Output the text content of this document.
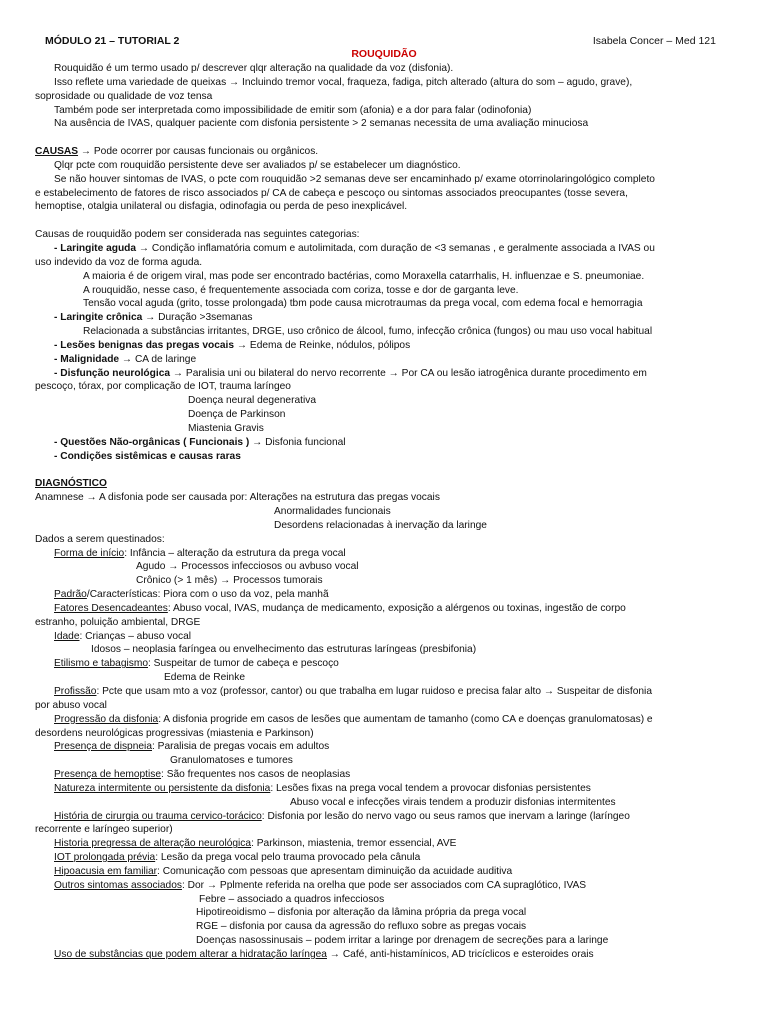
MÓDULO 21 – TUTORIAL 2	Isabela Concer – Med 121
ROUQUIDÃO
Rouquidão é um termo usado p/ descrever qlqr alteração na qualidade da voz (disfonia).
Isso reflete uma variedade de queixas → Incluindo tremor vocal, fraqueza, fadiga, pitch alterado (altura do som – agudo, grave),
soprosidade ou qualidade de voz tensa
Também pode ser interpretada como impossibilidade de emitir som (afonia) e a dor para falar (odinofonia)
Na ausência de IVAS, qualquer paciente com disfonia persistente > 2 semanas necessita de uma avaliação minuciosa
CAUSAS → Pode ocorrer por causas funcionais ou orgânicos.
Qlqr pcte com rouquidão persistente deve ser avaliados p/ se estabelecer um diagnóstico.
Se não houver sintomas de IVAS, o pcte com rouquidão >2 semanas deve ser encaminhado p/ exame otorrinolaringológico completo
e estabelecimento de fatores de risco associados p/ CA de cabeça e pescoço ou sintomas associados preocupantes (tosse severa,
hemoptise, otalgia unilateral ou disfagia, odinofagia ou perda de peso inexplicável.
Causas de rouquidão podem ser considerada nas seguintes categorias:
- Laringite aguda → Condição inflamatória comum e autolimitada, com duração de <3 semanas , e geralmente associada a IVAS ou
uso indevido da voz de forma aguda.
A maioria é de origem viral, mas pode ser encontrado bactérias, como Moraxella catarrhalis, H. influenzae e S. pneumoniae.
A rouquidão, nesse caso, é frequentemente associada com coriza, tosse e dor de garganta leve.
Tensão vocal aguda (grito, tosse prolongada) tbm pode causa microtraumas da prega vocal, com edema focal e hemorragia
- Laringite crônica → Duração >3semanas
Relacionada a substâncias irritantes, DRGE, uso crônico de álcool, fumo, infecção crônica (fungos) ou mau uso vocal habitual
- Lesões benignas das pregas vocais → Edema de Reinke, nódulos, pólipos
- Malignidade → CA de laringe
- Disfunção neurológica → Paralisia uni ou bilateral do nervo recorrente → Por CA ou lesão iatrogênica durante procedimento em
pescoço, tórax, por complicação de IOT, trauma laríngeo
Doença neural degenerativa
Doença de Parkinson
Miastenia Gravis
- Questões Não-orgânicas ( Funcionais ) → Disfonia funcional
- Condições sistêmicas e causas raras
DIAGNÓSTICO
Anamnese → A disfonia pode ser causada por: Alterações na estrutura das pregas vocais
Anormalidades funcionais
Desordens relacionadas à inervação da laringe
Dados a serem questinados:
Forma de início: Infância – alteração da estrutura da prega vocal
Agudo → Processos infecciosos ou avbuso vocal
Crônico (> 1 mês) → Processos tumorais
Padrão/Características: Piora com o uso da voz, pela manhã
Fatores Desencadeantes: Abuso vocal, IVAS, mudança de medicamento, exposição a alérgenos ou toxinas, ingestão de corpo
estranho, poluição ambiental, DRGE
Idade: Crianças – abuso vocal
Idosos – neoplasia faríngea ou envelhecimento das estruturas laríngeas (presbifonia)
Etilismo e tabagismo: Suspeitar de tumor de cabeça e pescoço
Edema de Reinke
Profissão: Pcte que usam mto a voz (professor, cantor) ou que trabalha em lugar ruidoso e precisa falar alto → Suspeitar de disfonia
por abuso vocal
Progressão da disfonia: A disfonia progride em casos de lesões que aumentam de tamanho (como CA e doenças granulomatosas) e
desordens neurológicas progressivas (miastenia e Parkinson)
Presença de dispneia: Paralisia de pregas vocais em adultos
Granulomatoses e tumores
Presença de hemoptise: São frequentes nos casos de neoplasias
Natureza intermitente ou persistente da disfonia: Lesões fixas na prega vocal tendem a provocar disfonias persistentes
Abuso vocal e infecções virais tendem a produzir disfonias intermitentes
História de cirurgia ou trauma cervico-torácico: Disfonia por lesão do nervo vago ou seus ramos que inervam a laringe (laríngeo
recorrente e laríngeo superior)
Historia pregressa de alteração neurológica: Parkinson, miastenia, tremor essencial, AVE
IOT prolongada prévia: Lesão da prega vocal pelo trauma provocado pela cânula
Hipoacusia em familiar: Comunicação com pessoas que apresentam diminuição da acuidade auditiva
Outros sintomas associados: Dor → Pplmente referida na orelha que pode ser associados com CA supraglótico, IVAS
Febre – associado a quadros infecciosos
Hipotireoidismo – disfonia por alteração da lâmina própria da prega vocal
RGE – disfonia por causa da agressão do refluxo sobre as pregas vocais
Doenças nasossinusais – podem irritar a laringe por drenagem de secreções para a laringe
Uso de substâncias que podem alterar a hidratação laríngea → Café, anti-histamínicos, AD tricíclicos e esteroides orais
